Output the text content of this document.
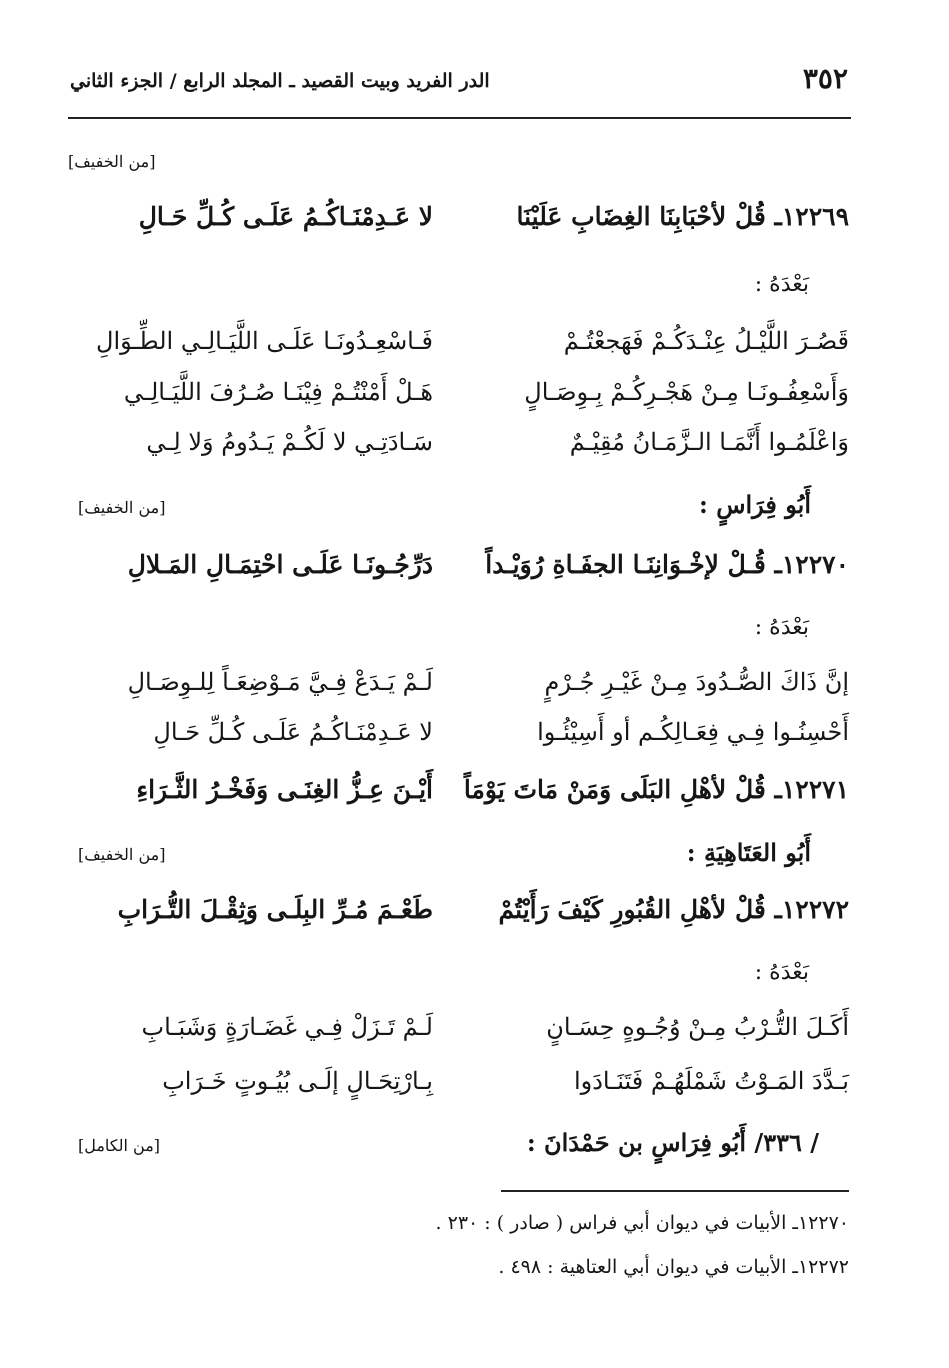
٣٥٢
الدر الفريد وبيت القصيد ـ المجلد الرابع / الجزء الثاني
[من الخفيف]
١٢٢٦٩ـ قُلْ لأحْبَابِنَا الغِضَابِ عَلَيْنَا
لا عَـدِمْنَـاكُـمُ عَلَـى كُـلِّ حَـالِ
بَعْدَهُ :
قَصُـرَ اللَّيْـلُ عِنْـدَكُـمْ فَهَجعْتُـمْ
فَـاسْعِـدُونَـا عَلَـى اللَّيَـالِـي الطِّـوَالِ
وَأَسْعِفُـونَـا مِـنْ هَجْـرِكُـمْ بِـوِصَـالٍ
هَـلْ أَمْنْتُـمْ فِيْنَـا صُـرُفَ اللَّيَـالِـي
وَاعْلَمُـوا أَنَّمَـا الـزَّمَـانُ مُقِيْـمٌ
سَـادَتِـي لا لَكُـمْ يَـدُومُ وَلا لِـي
أَبُو فِرَاسٍ :
[من الخفيف]
١٢٢٧٠ـ قُـلْ لإخْـوَانِنَـا الجفَـاةِ رُوَيْـداً
دَرِّجُـونَـا عَلَـى احْتِمَـالِ المَـلالِ
بَعْدَهُ :
إنَّ ذَاكَ الصُّـدُودَ مِـنْ غَيْـرِ جُـرْمٍ
لَـمْ يَـدَعْ فِـيَّ مَـوْضِعَـاً لِلـوِصَـالِ
أَحْسِنُـوا فِـي فِعَـالِكُـم أو أَسِيْئُـوا
لا عَـدِمْنَـاكُـمُ عَلَـى كُـلِّ حَـالِ
١٢٢٧١ـ قُلْ لأهْلِ البَلَى وَمَنْ مَاتَ يَوْمَاً
أَيْـنَ عِـزُّ الغِنَـى وَفَخْـرُ الثَّـرَاءِ
أَبُو العَتَاهِيَةِ :
[من الخفيف]
١٢٢٧٢ـ قُلْ لأهْلِ القُبُورِ كَيْفَ رَأَيْتُمْ
طَعْـمَ مُـرِّ البِلَـى وَثِقْـلَ التُّـرَابِ
بَعْدَهُ :
أَكَـلَ التُّـرْبُ مِـنْ وُجُـوهٍ حِسَـانٍ
لَـمْ تَـزَلْ فِـي غَضَـارَةٍ وَشَبَـابِ
بَـدَّدَ المَـوْتُ شَمْلَهُـمْ فَتَنَـادَوا
بِـارْتِحَـالٍ إلَـى بُيُـوتٍ خَـرَابِ
/ ٣٣٦/ أَبُو فِرَاسٍ بن حَمْدَانَ :
[من الكامل]
١٢٢٧٠ـ الأبيات في ديوان أبي فراس ( صادر ) : ٢٣٠ .
١٢٢٧٢ـ الأبيات في ديوان أبي العتاهية : ٤٩٨ .
